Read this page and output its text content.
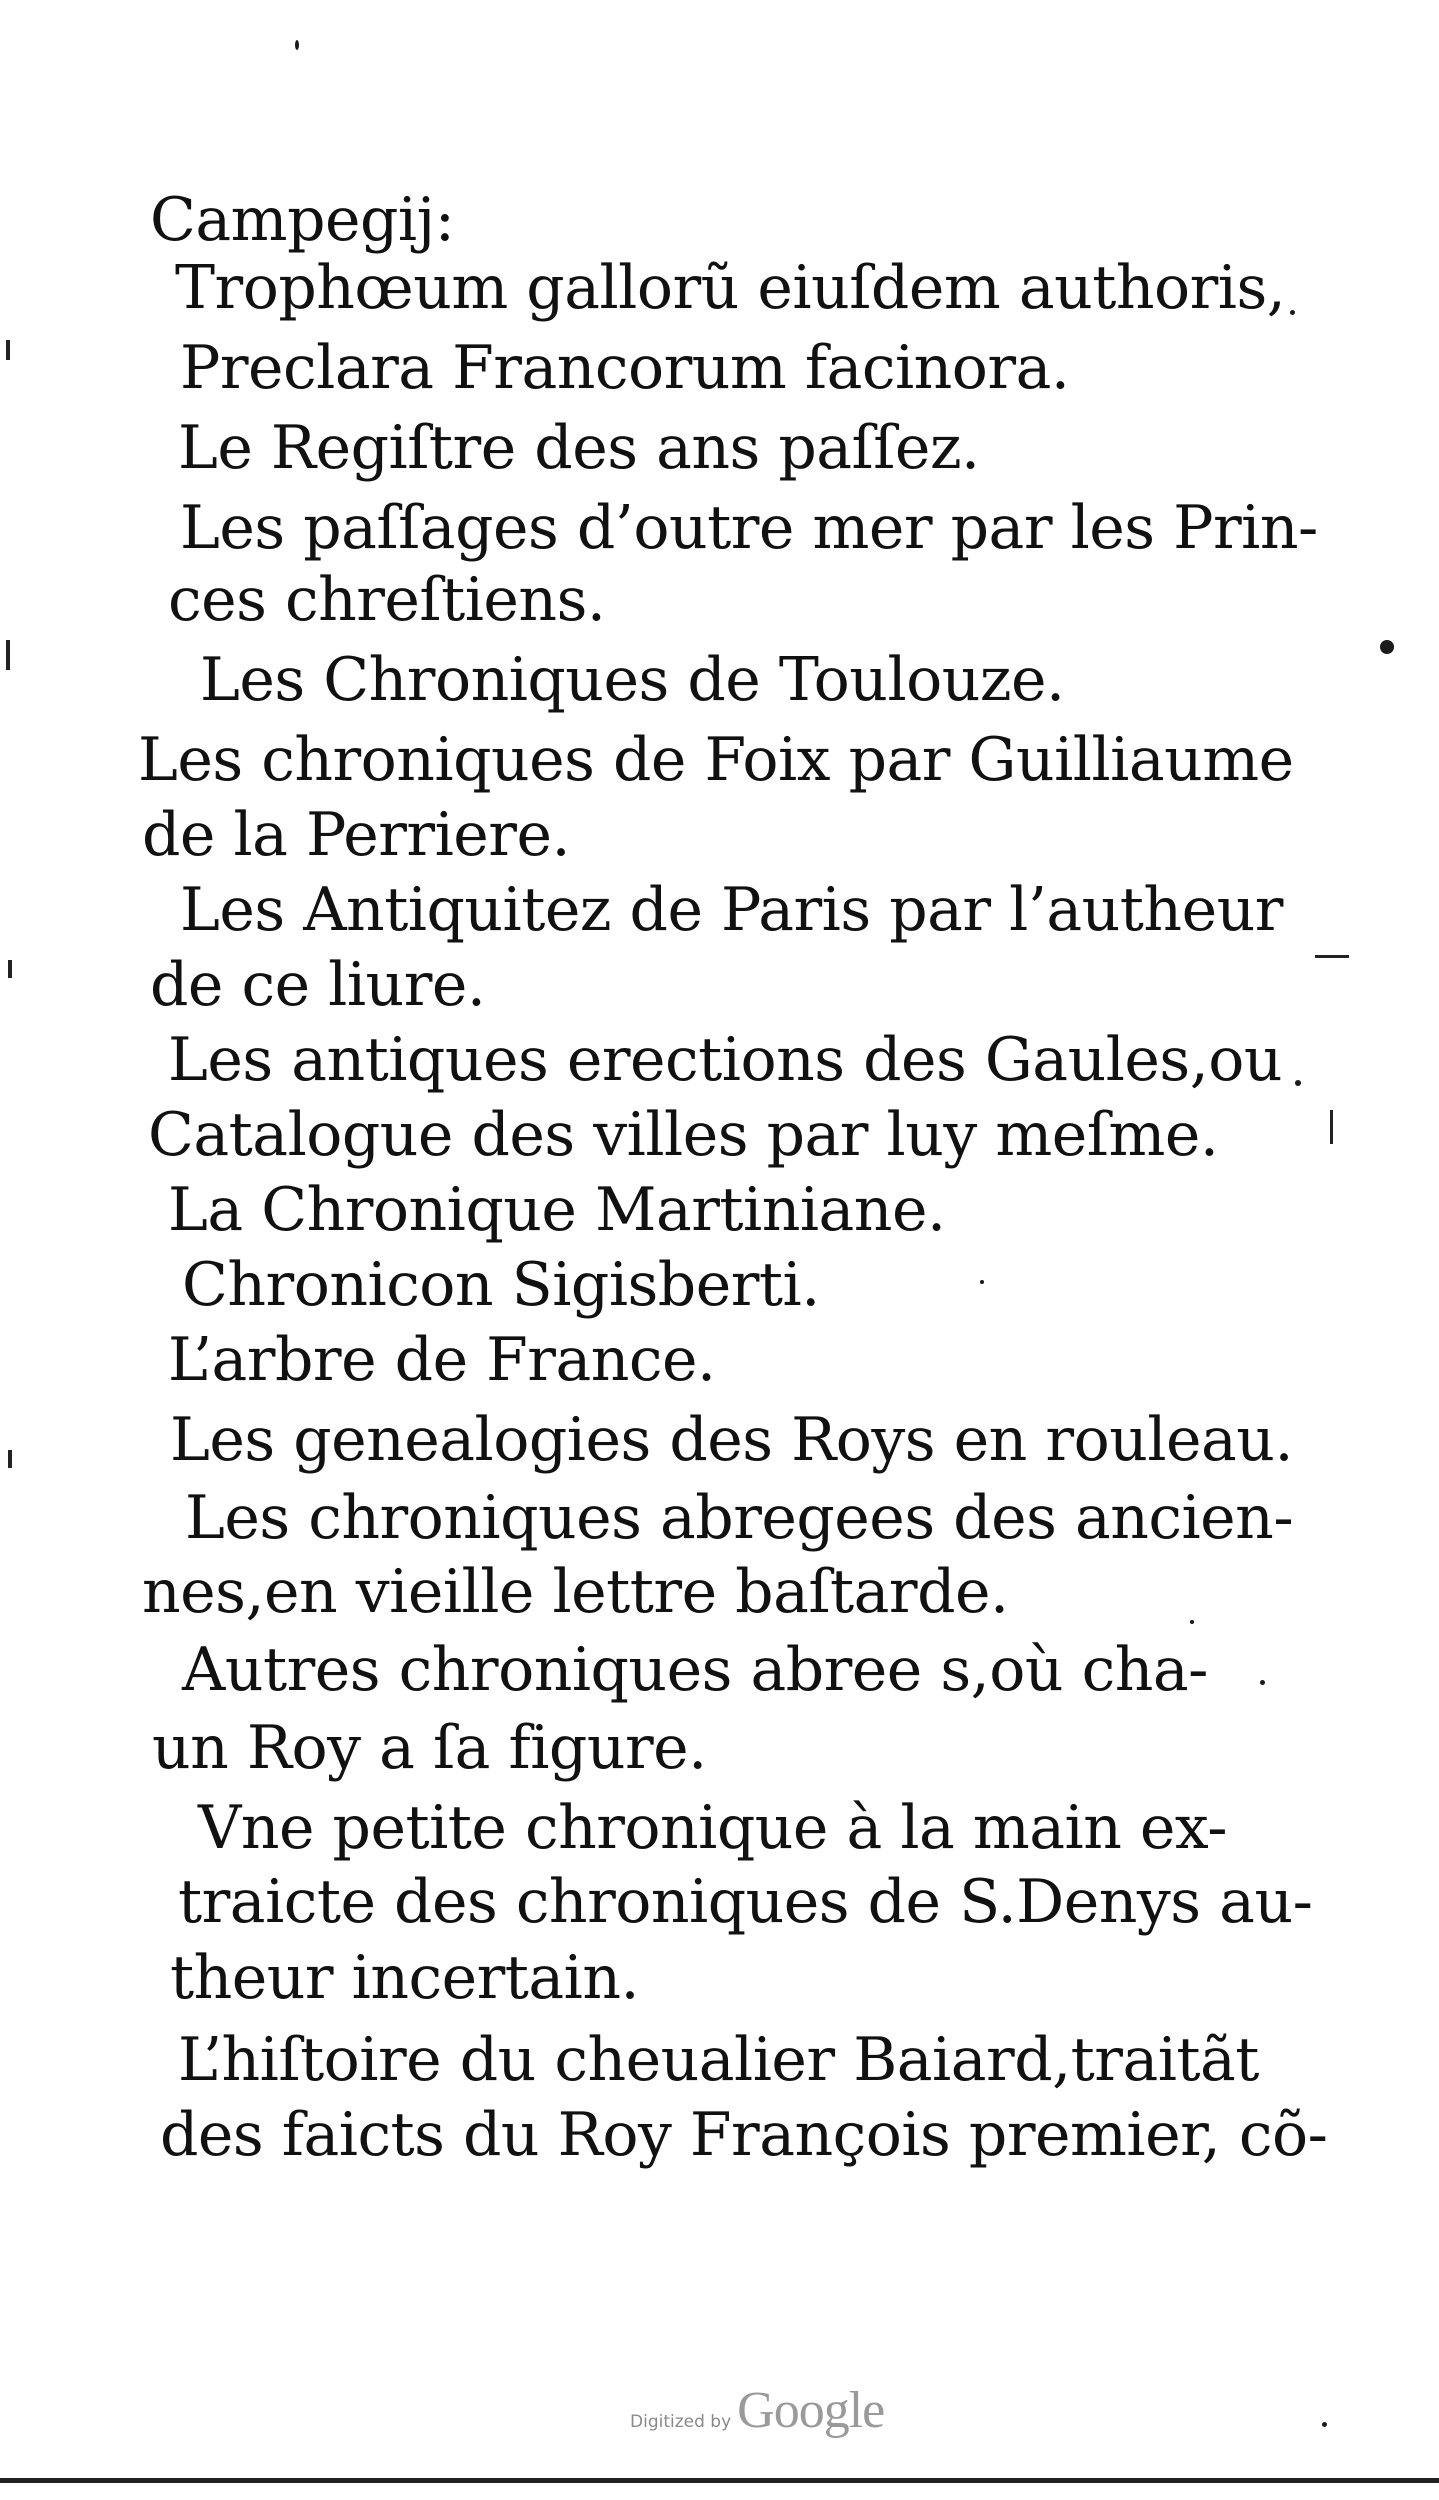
Campegij:
Trophœum gallorũ eiuſdem authoris,
Preclara Francorum facinora.
Le Regiſtre des ans paſſez.
Les paſſages d’outre mer par les Prin-
ces chreſtiens.
Les Chroniques de Toulouze.
Les chroniques de Foix par Guilliaume
de la Perriere.
Les Antiquitez de Paris par l’autheur
de ce liure.
Les antiques erections des Gaules,ou
Catalogue des villes par luy meſme.
La Chronique Martiniane.
Chronicon Sigisberti.
L’arbre de France.
Les genealogies des Roys en rouleau.
Les chroniques abregees des ancien-
nes,en vieille lettre baſtarde.
Autres chroniques abree s,où cha-
un Roy a ſa figure.
Vne petite chronique à la main ex-
traicte des chroniques de S.Denys au-
theur incertain.
L’hiſtoire du cheualier Baiard,traitãt
des faicts du Roy François premier, cõ-
Digitized by Google
